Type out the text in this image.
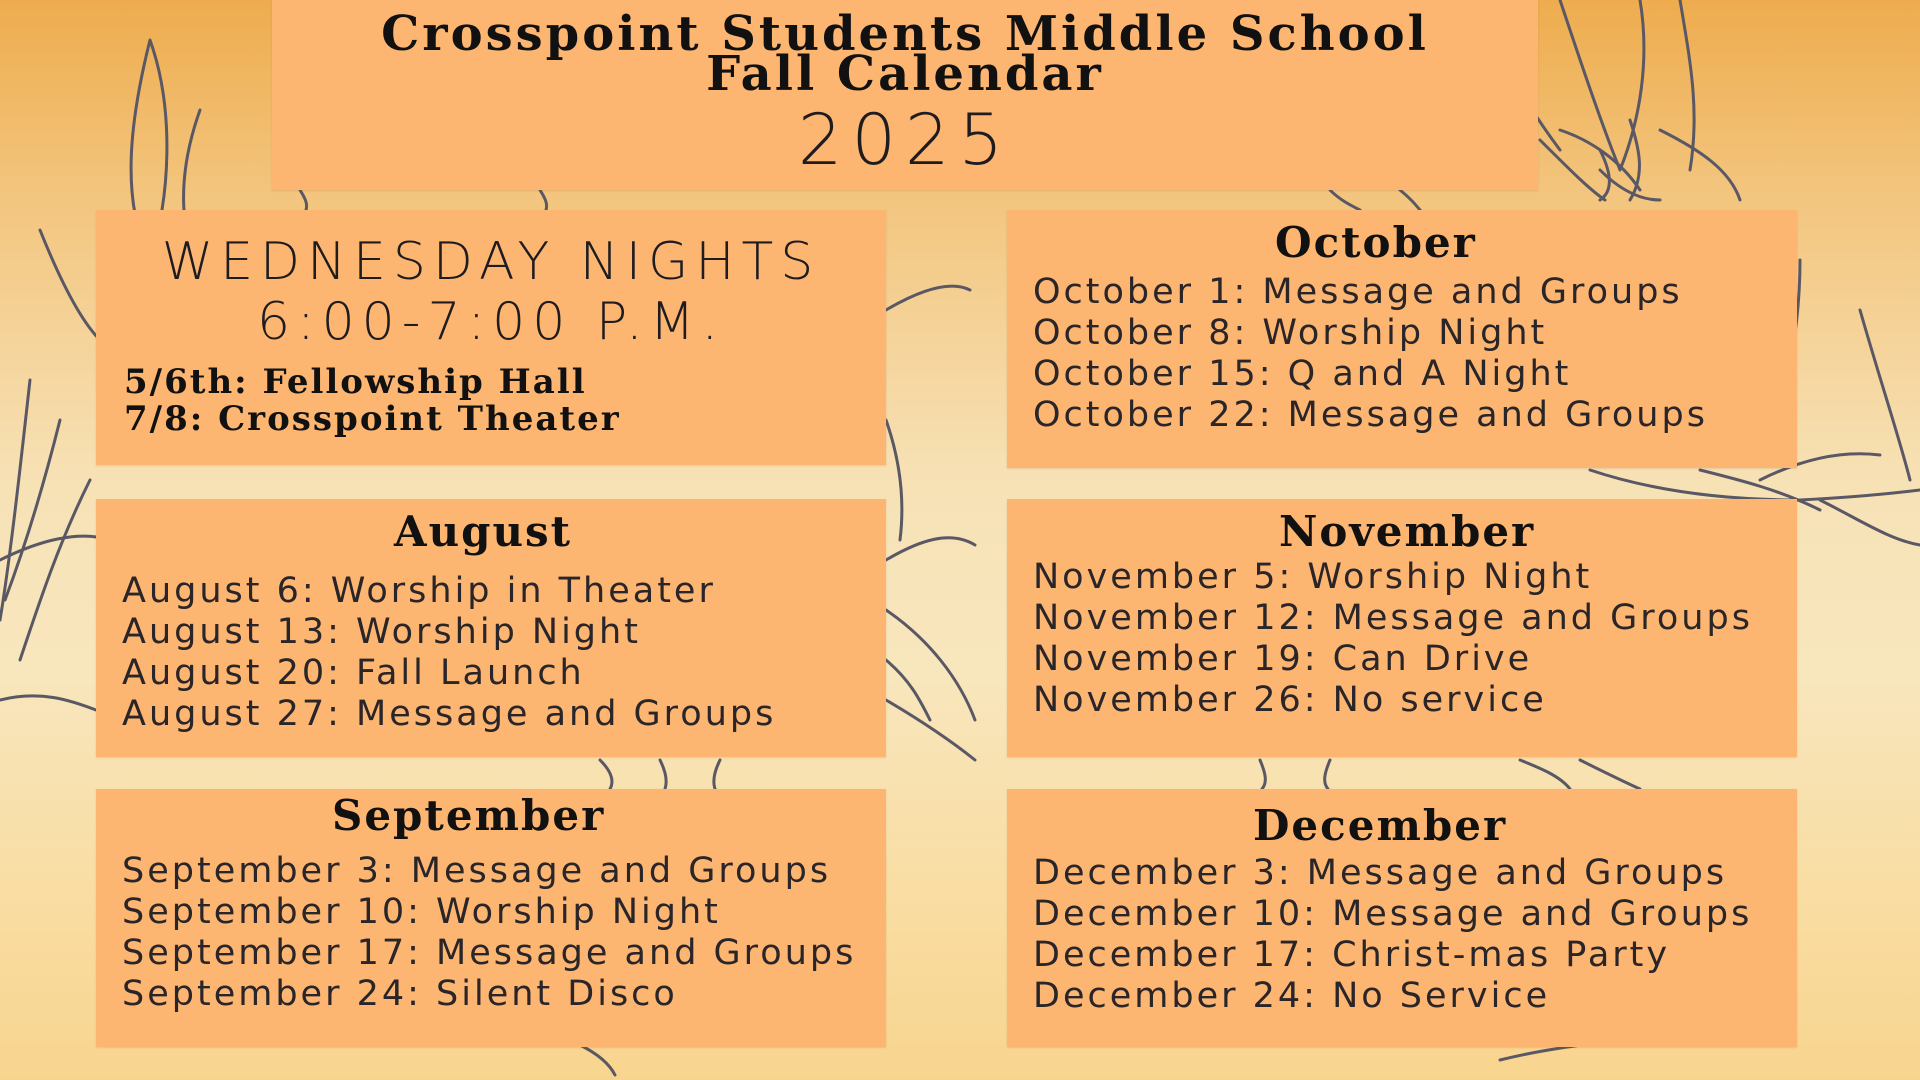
Crosspoint Students Middle School
Fall Calendar
2025
WEDNESDAY NIGHTS
6:00-7:00 P.M.
5/6th: Fellowship Hall
7/8: Crosspoint Theater
August
August 6: Worship in Theater
August 13: Worship Night
August 20: Fall Launch
August 27: Message and Groups
September
September 3: Message and Groups
September 10: Worship Night
September 17: Message and Groups
September 24: Silent Disco
October
October 1: Message and Groups
October 8: Worship Night
October 15: Q and A Night
October 22: Message and Groups
November
November 5: Worship Night
November 12: Message and Groups
November 19: Can Drive
November 26: No service
December
December 3: Message and Groups
December 10: Message and Groups
December 17: Christ-mas Party
December 24: No Service
